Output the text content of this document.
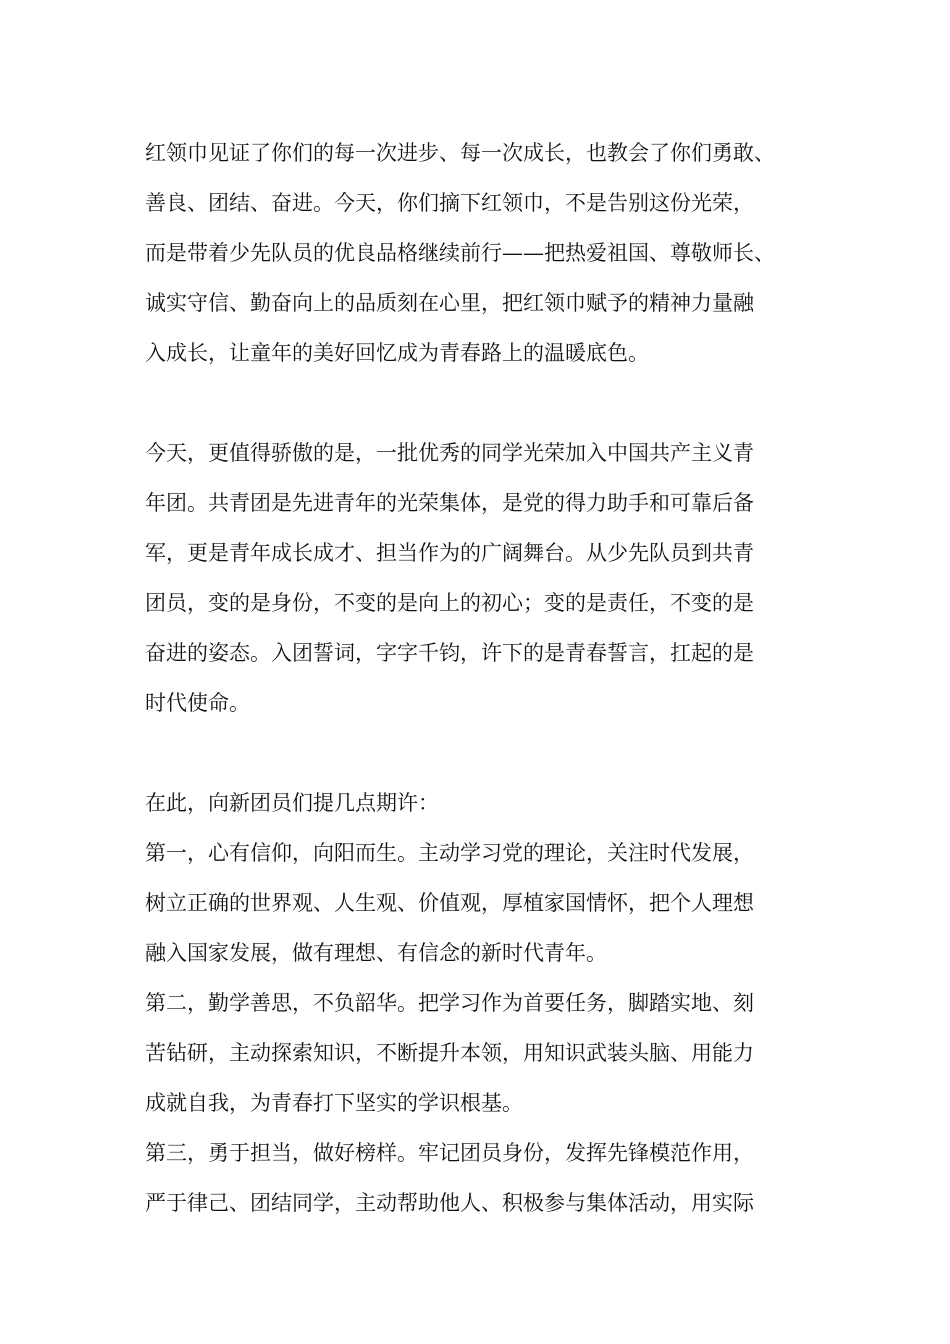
红领巾见证了你们的每一次进步、每一次成长，也教会了你们勇敢、
善良、团结、奋进。今天，你们摘下红领巾，不是告别这份光荣，
而是带着少先队员的优良品格继续前行——把热爱祖国、尊敬师长、
诚实守信、勤奋向上的品质刻在心里，把红领巾赋予的精神力量融
入成长，让童年的美好回忆成为青春路上的温暖底色。
今天，更值得骄傲的是，一批优秀的同学光荣加入中国共产主义青
年团。共青团是先进青年的光荣集体，是党的得力助手和可靠后备
军，更是青年成长成才、担当作为的广阔舞台。从少先队员到共青
团员，变的是身份，不变的是向上的初心；变的是责任，不变的是
奋进的姿态。入团誓词，字字千钧，许下的是青春誓言，扛起的是
时代使命。
在此，向新团员们提几点期许：
第一，心有信仰，向阳而生。主动学习党的理论，关注时代发展，
树立正确的世界观、人生观、价值观，厚植家国情怀，把个人理想
融入国家发展，做有理想、有信念的新时代青年。
第二，勤学善思，不负韶华。把学习作为首要任务，脚踏实地、刻
苦钻研，主动探索知识，不断提升本领，用知识武装头脑、用能力
成就自我，为青春打下坚实的学识根基。
第三，勇于担当，做好榜样。牢记团员身份，发挥先锋模范作用，
严于律己、团结同学，主动帮助他人、积极参与集体活动，用实际
